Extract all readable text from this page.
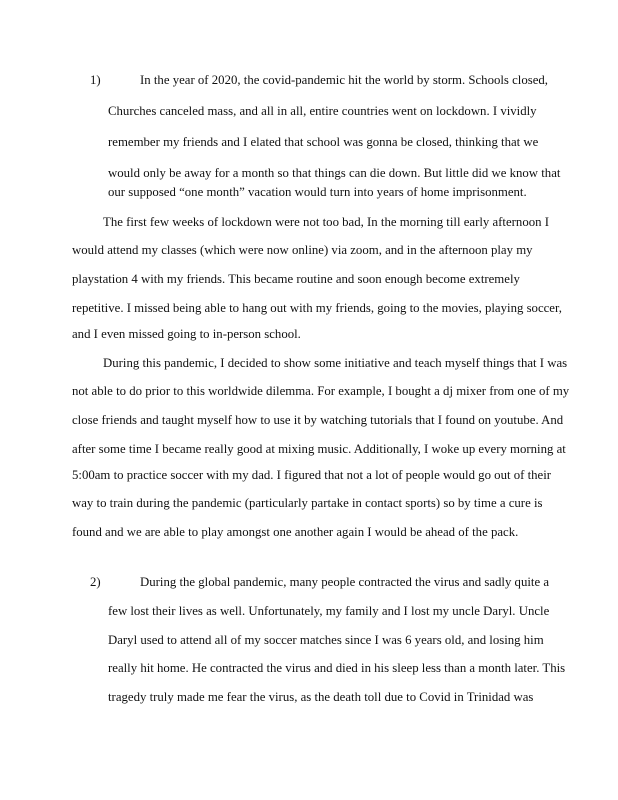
1)	In the year of 2020, the covid-pandemic hit the world by storm. Schools closed,
Churches canceled mass, and all in all, entire countries went on lockdown. I vividly
remember my friends and I elated that school was gonna be closed, thinking that we
would only be away for a month so that things can die down. But little did we know that
our supposed “one month” vacation would turn into years of home imprisonment.
The first few weeks of lockdown were not too bad, In the morning till early afternoon I
would attend my classes (which were now online) via zoom, and in the afternoon play my
playstation 4 with my friends. This became routine and soon enough become extremely
repetitive. I missed being able to hang out with my friends, going to the movies, playing soccer,
and I even missed going to in-person school.
During this pandemic, I decided to show some initiative and teach myself things that I was
not able to do prior to this worldwide dilemma. For example, I bought a dj mixer from one of my
close friends and taught myself how to use it by watching tutorials that I found on youtube. And
after some time I became really good at mixing music. Additionally, I woke up every morning at
5:00am to practice soccer with my dad. I figured that not a lot of people would go out of their
way to train during the pandemic (particularly partake in contact sports) so by time a cure is
found and we are able to play amongst one another again I would be ahead of the pack.
2)	During the global pandemic, many people contracted the virus and sadly quite a
few lost their lives as well. Unfortunately, my family and I lost my uncle Daryl. Uncle
Daryl used to attend all of my soccer matches since I was 6 years old, and losing him
really hit home. He contracted the virus and died in his sleep less than a month later. This
tragedy truly made me fear the virus, as the death toll due to Covid in Trinidad was
